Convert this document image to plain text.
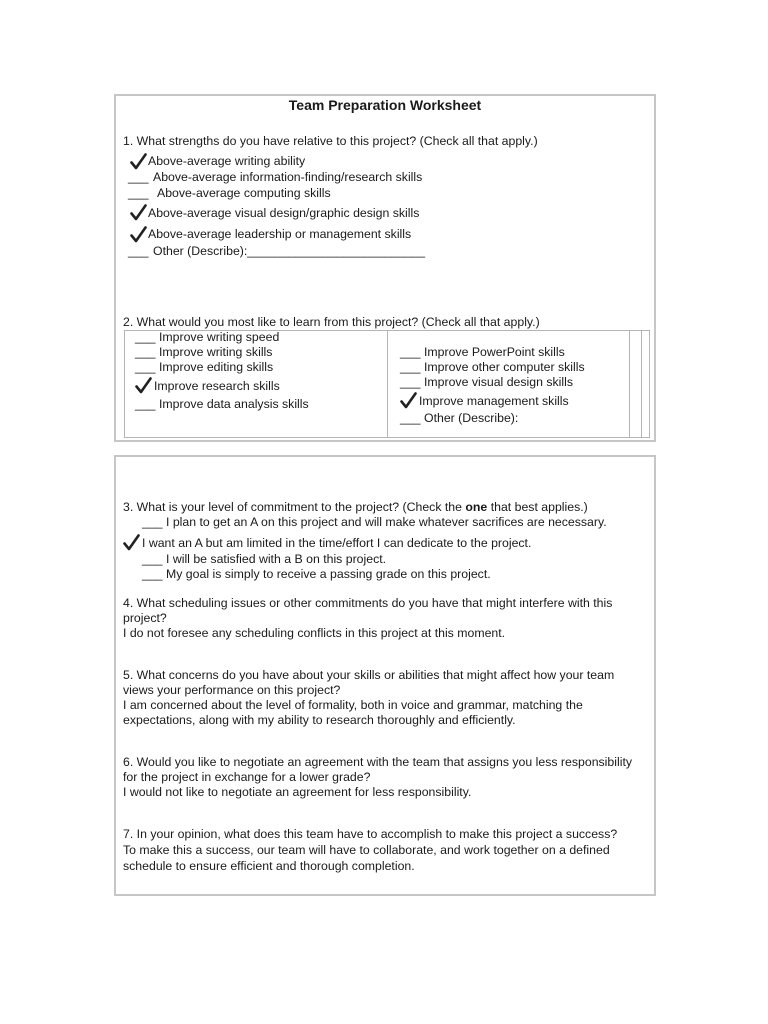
Team Preparation Worksheet
1. What strengths do you have relative to this project? (Check all that apply.)
Above-average writing ability
___ Above-average information-finding/research skills
___ Above-average computing skills
Above-average visual design/graphic design skills
Above-average leadership or management skills
___ Other (Describe):__________________________
2. What would you most like to learn from this project? (Check all that apply.)
___ Improve writing speed
___ Improve writing skills
___ Improve editing skills
Improve research skills
___ Improve data analysis skills
___ Improve PowerPoint skills
___ Improve other computer skills
___ Improve visual design skills
Improve management skills
___ Other (Describe):
3. What is your level of commitment to the project? (Check the one that best applies.)
___ I plan to get an A on this project and will make whatever sacrifices are necessary.
I want an A but am limited in the time/effort I can dedicate to the project.
___ I will be satisfied with a B on this project.
___ My goal is simply to receive a passing grade on this project.
4. What scheduling issues or other commitments do you have that might interfere with this
project?
I do not foresee any scheduling conflicts in this project at this moment.
5. What concerns do you have about your skills or abilities that might affect how your team
views your performance on this project?
I am concerned about the level of formality, both in voice and grammar, matching the
expectations, along with my ability to research thoroughly and efficiently.
6. Would you like to negotiate an agreement with the team that assigns you less responsibility
for the project in exchange for a lower grade?
I would not like to negotiate an agreement for less responsibility.
7. In your opinion, what does this team have to accomplish to make this project a success?
To make this a success, our team will have to collaborate, and work together on a defined
schedule to ensure efficient and thorough completion.
